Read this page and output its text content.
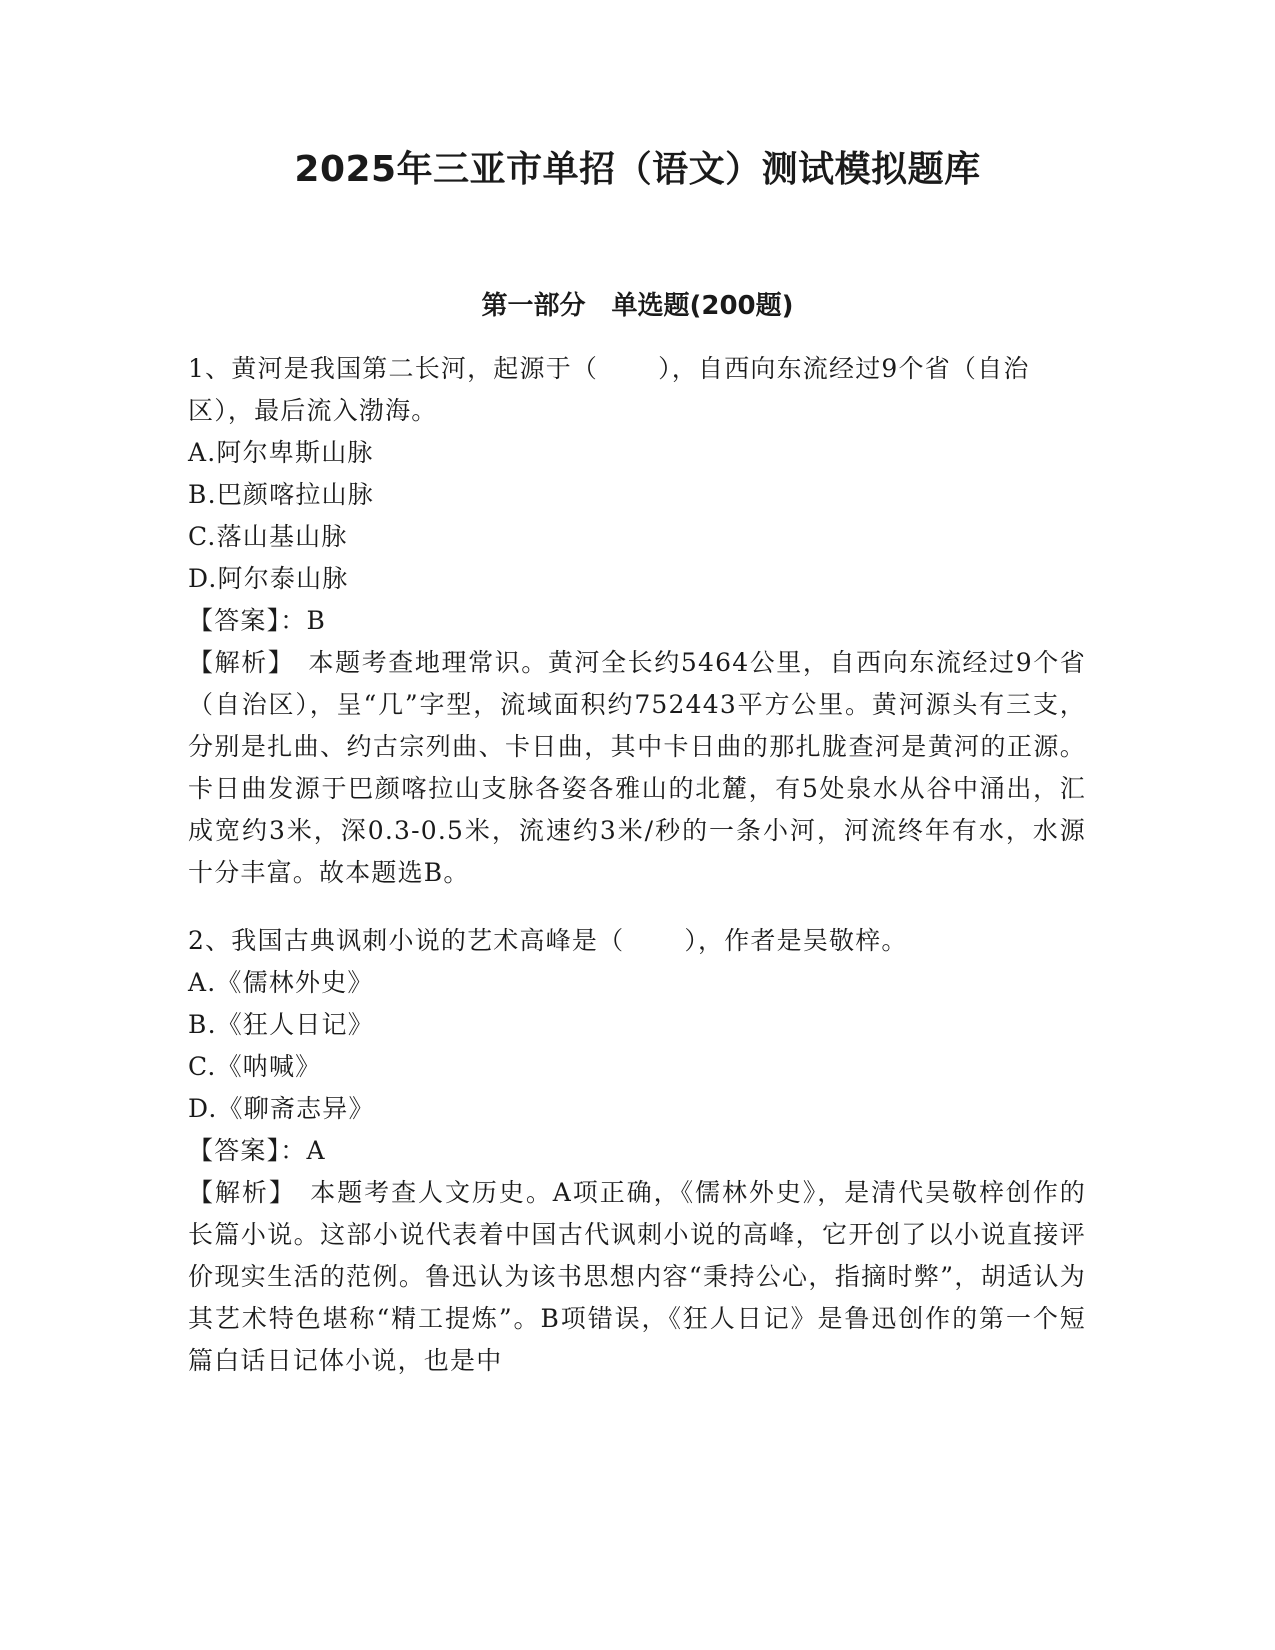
2025年三亚市单招（语文）测试模拟题库
第一部分　单选题(200题)

1、黄河是我国第二长河，起源于（ ），自西向东流经过9个省（自治区），最后流入渤海。

A.阿尔卑斯山脉

B.巴颜喀拉山脉

C.落山基山脉

D.阿尔泰山脉

【答案】：B

【解析】　本题考查地理常识。黄河全长约5464公里，自西向东流经过9个省（自治区），呈“几”字型，流域面积约752443平方公里。黄河源头有三支，分别是扎曲、约古宗列曲、卡日曲，其中卡日曲的那扎胧查河是黄河的正源。卡日曲发源于巴颜喀拉山支脉各姿各雅山的北麓，有5处泉水从谷中涌出，汇成宽约3米，深0.3-0.5米，流速约3米/秒的一条小河，河流终年有水，水源十分丰富。故本题选B。

2、我国古典讽刺小说的艺术高峰是（ ），作者是吴敬梓。

A.《儒林外史》

B.《狂人日记》

C.《呐喊》

D.《聊斋志异》

【答案】：A

【解析】　本题考查人文历史。A项正确，《儒林外史》，是清代吴敬梓创作的长篇小说。这部小说代表着中国古代讽刺小说的高峰，它开创了以小说直接评价现实生活的范例。鲁迅认为该书思想内容“秉持公心，指摘时弊”，胡适认为其艺术特色堪称“精工提炼”。B项错误，《狂人日记》是鲁迅创作的第一个短篇白话日记体小说，也是中
